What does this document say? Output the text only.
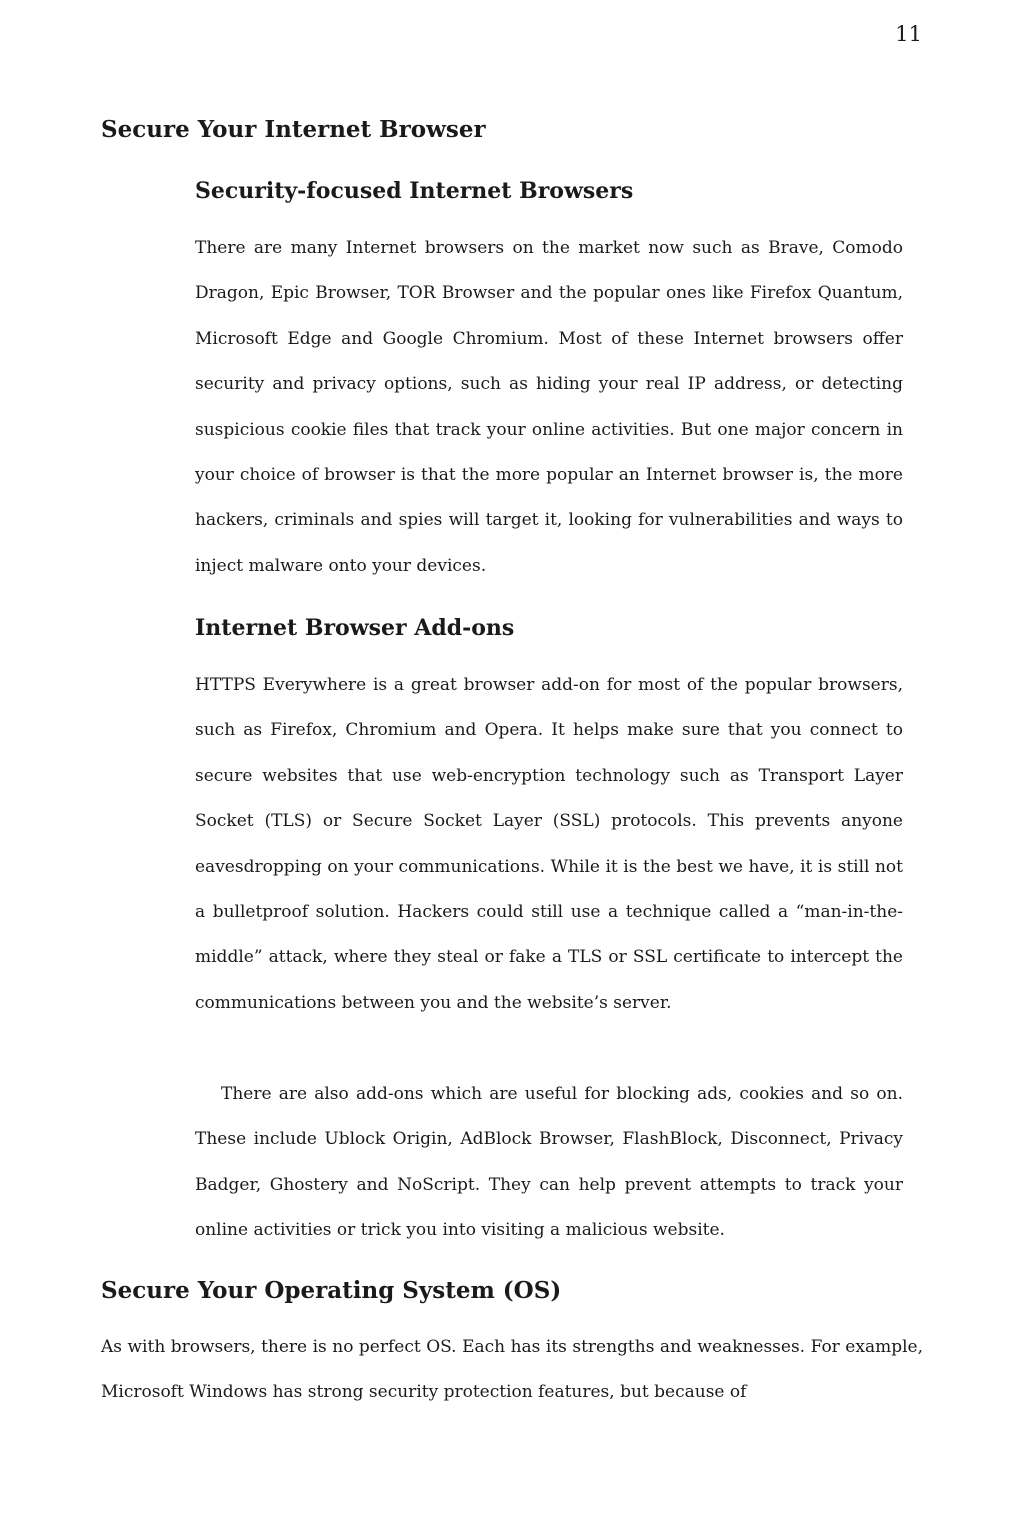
11
Secure Your Internet Browser
Security-focused Internet Browsers

There are many Internet browsers on the market now such as Brave, Comodo Dragon, Epic Browser, TOR Browser and the popular ones like Firefox Quantum, Microsoft Edge and Google Chromium. Most of these Internet browsers offer security and privacy options, such as hiding your real IP address, or detecting suspicious cookie files that track your online activities. But one major concern in your choice of browser is that the more popular an Internet browser is, the more hackers, criminals and spies will target it, looking for vulnerabilities and ways to inject malware onto your devices.

Internet Browser Add-ons

HTTPS Everywhere is a great browser add-on for most of the popular browsers, such as Firefox, Chromium and Opera. It helps make sure that you connect to secure websites that use web-encryption technology such as Transport Layer Socket (TLS) or Secure Socket Layer (SSL) protocols. This prevents anyone eavesdropping on your communications. While it is the best we have, it is still not a bulletproof solution. Hackers could still use a technique called a “man-in-the-middle” attack, where they steal or fake a TLS or SSL certificate to intercept the communications between you and the website’s server.

There are also add-ons which are useful for blocking ads, cookies and so on. These include Ublock Origin, AdBlock Browser, FlashBlock, Disconnect, Privacy Badger, Ghostery and NoScript. They can help prevent attempts to track your online activities or trick you into visiting a malicious website.

Secure Your Operating System (OS)

As with browsers, there is no perfect OS. Each has its strengths and weaknesses. For example, Microsoft Windows has strong security protection features, but because of
